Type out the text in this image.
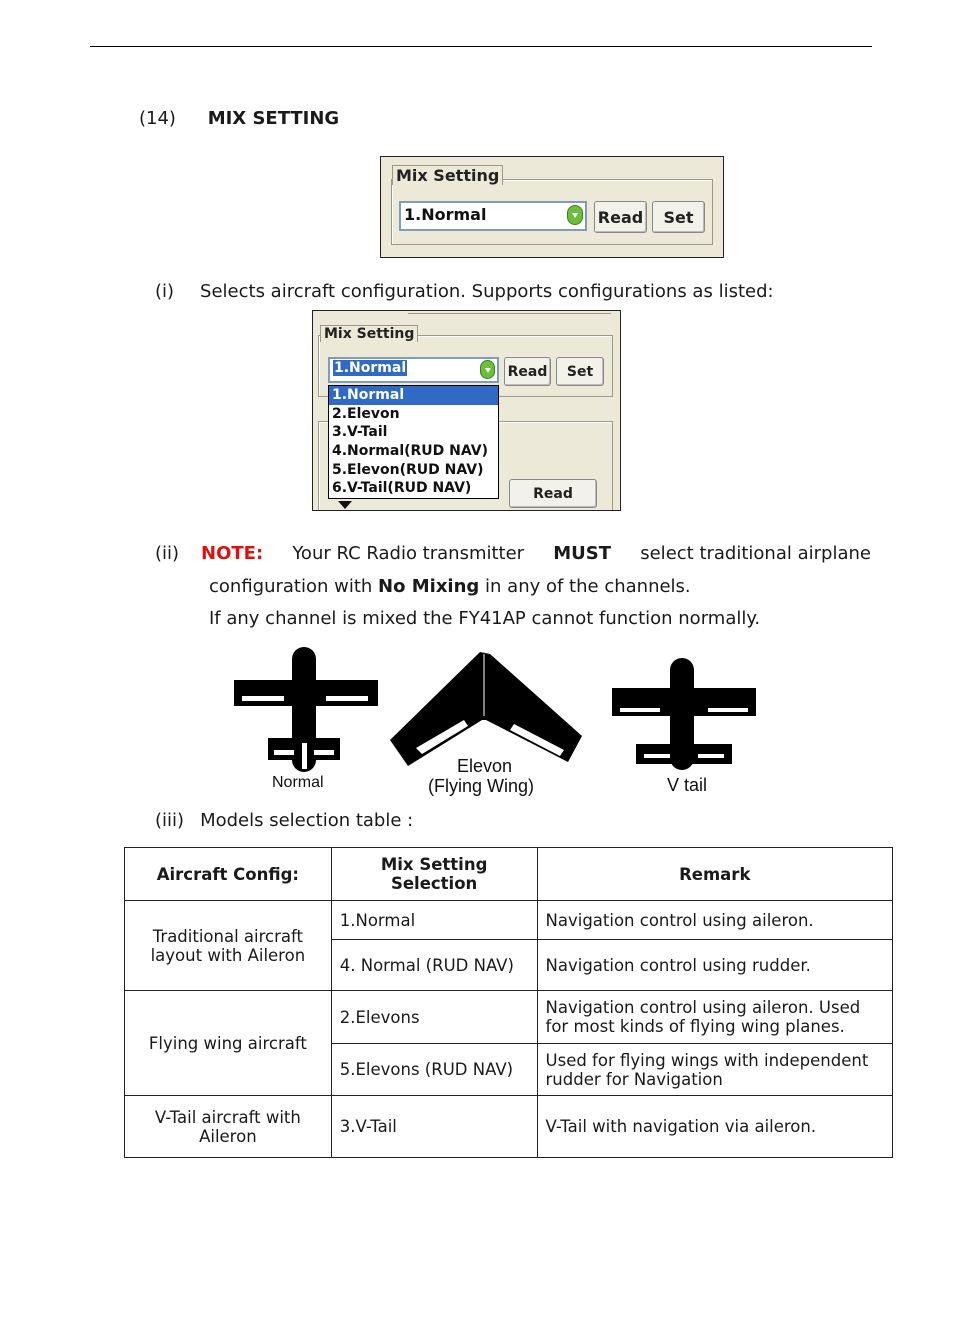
(14) MIX SETTING
Mix Setting
1.Normal	Read	Set
(i) Selects aircraft configuration. Supports configurations as listed:
Mix Setting
1.Normal	Read	Set
Read
1.Normal
2.Elevon
3.V-Tail
4.Normal(RUD NAV)
5.Elevon(RUD NAV)
6.V-Tail(RUD NAV)
(ii) NOTE: Your RC Radio transmitter MUST select traditional airplane
configuration with No Mixing in any of the channels.
If any channel is mixed the FY41AP cannot function normally.
Normal
Elevon
(Flying Wing)	V tail
(iii) Models selection table :
Aircraft Config:	Mix Setting Selection	Remark
Traditional aircraft layout with Aileron	1.Normal	Navigation control using aileron.
	4. Normal (RUD NAV)	Navigation control using rudder.
Flying wing aircraft	2.Elevons	Navigation control using aileron. Used for most kinds of flying wing planes.
	5.Elevons (RUD NAV)	Used for flying wings with independent rudder for Navigation
V-Tail aircraft with Aileron	3.V-Tail	V-Tail with navigation via aileron.
